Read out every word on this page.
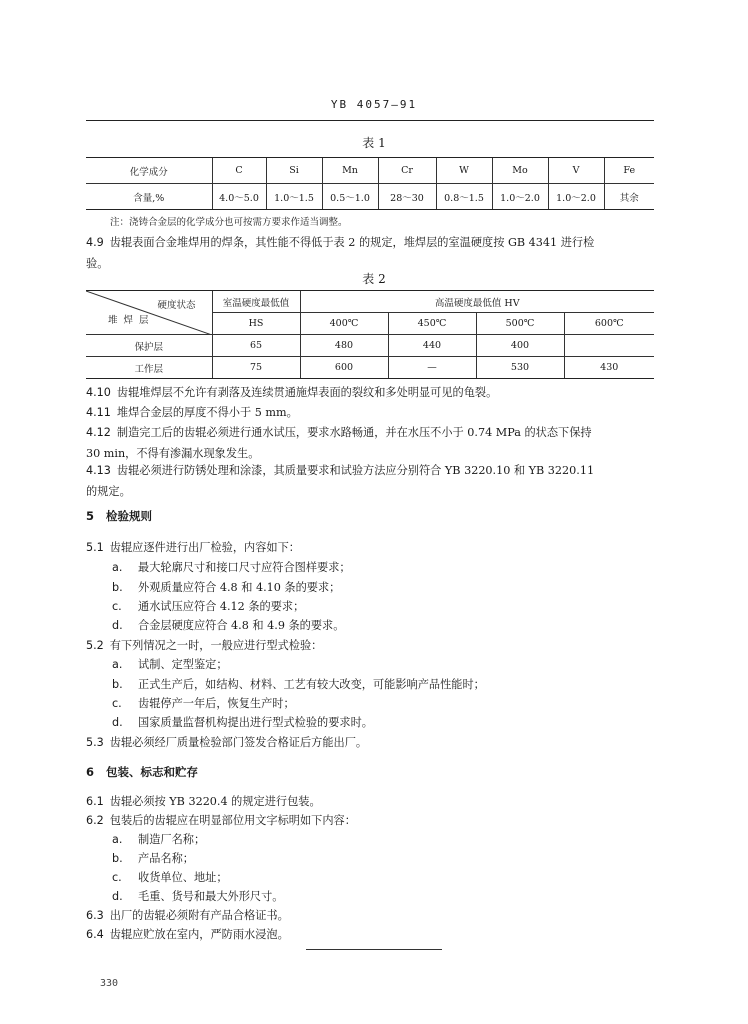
YB 4057—91
表 1
化学成分	C	Si	Mn	Cr	W	Mo	V	Fe
含量,%	4.0～5.0	1.0～1.5	0.5～1.0	28～30	0.8～1.5	1.0～2.0	1.0～2.0	其余
注：浇铸合金层的化学成分也可按需方要求作适当调整。
4.9 齿辊表面合金堆焊用的焊条，其性能不得低于表 2 的规定，堆焊层的室温硬度按 GB 4341 进行检
验。
表 2
硬度状态
堆焊层	室温硬度最低值	高温硬度最低值 HV			
	HS	400℃	450℃	500℃	600℃
保护层	65	480	440	400	
工作层	75	600	—	530	430
4.10 齿辊堆焊层不允许有剥落及连续贯通施焊表面的裂纹和多处明显可见的龟裂。
4.11 堆焊合金层的厚度不得小于 5 mm。
4.12 制造完工后的齿辊必须进行通水试压，要求水路畅通，并在水压不小于 0.74 MPa 的状态下保持
30 min，不得有渗漏水现象发生。
4.13 齿辊必须进行防锈处理和涂漆，其质量要求和试验方法应分别符合 YB 3220.10 和 YB 3220.11
的规定。
5 检验规则
5.1 齿辊应逐件进行出厂检验，内容如下：
a. 最大轮廓尺寸和接口尺寸应符合图样要求；
b. 外观质量应符合 4.8 和 4.10 条的要求；
c. 通水试压应符合 4.12 条的要求；
d. 合金层硬度应符合 4.8 和 4.9 条的要求。
5.2 有下列情况之一时，一般应进行型式检验：
a. 试制、定型鉴定；
b. 正式生产后，如结构、材料、工艺有较大改变，可能影响产品性能时；
c. 齿辊停产一年后，恢复生产时；
d. 国家质量监督机构提出进行型式检验的要求时。
5.3 齿辊必须经厂质量检验部门签发合格证后方能出厂。
6 包装、标志和贮存
6.1 齿辊必须按 YB 3220.4 的规定进行包装。
6.2 包装后的齿辊应在明显部位用文字标明如下内容：
a. 制造厂名称；
b. 产品名称；
c. 收货单位、地址；
d. 毛重、货号和最大外形尺寸。
6.3 出厂的齿辊必须附有产品合格证书。
6.4 齿辊应贮放在室内，严防雨水浸泡。
330
